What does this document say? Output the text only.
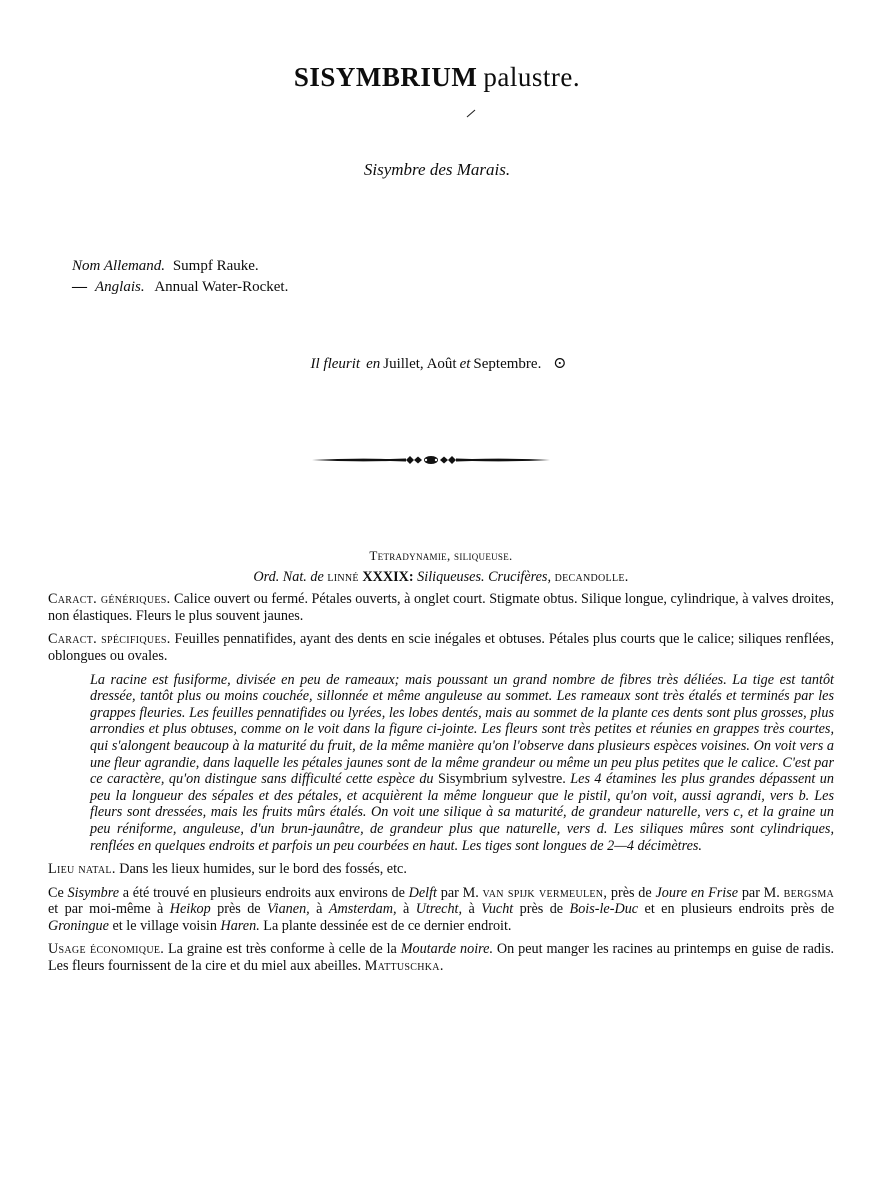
SISYMBRIUM palustre.
Sisymbre des Marais.
Nom Allemand. Sumpf Rauke.
— Anglais. Annual Water-Rocket.
Il fleurit en Juillet, Août et Septembre. ⊙
Tetradynamie, siliqueuse.
Ord. Nat. de linné XXXIX: Siliqueuses. Crucifères, decandolle.

Caract. génériques. Calice ouvert ou fermé. Pétales ouverts, à onglet court. Stigmate obtus. Silique longue, cylindrique, à valves droites, non élastiques. Fleurs le plus souvent jaunes.

Caract. spécifiques. Feuilles pennatifides, ayant des dents en scie inégales et obtuses. Pétales plus courts que le calice; siliques renflées, oblongues ou ovales.

La racine est fusiforme, divisée en peu de rameaux; mais poussant un grand nombre de fibres très déliées. La tige est tantôt dressée, tantôt plus ou moins couchée, sillonnée et même anguleuse au sommet. Les rameaux sont très étalés et terminés par les grappes fleuries. Les feuilles pennatifides ou lyrées, les lobes dentés, mais au sommet de la plante ces dents sont plus grosses, plus arrondies et plus obtuses, comme on le voit dans la figure ci-jointe. Les fleurs sont très petites et réunies en grappes très courtes, qui s'alongent beaucoup à la maturité du fruit, de la même manière qu'on l'observe dans plusieurs espèces voisines. On voit vers a une fleur agrandie, dans laquelle les pétales jaunes sont de la même grandeur ou même un peu plus petites que le calice. C'est par ce caractère, qu'on distingue sans difficulté cette espèce du Sisymbrium sylvestre. Les 4 étamines les plus grandes dépassent un peu la longueur des sépales et des pétales, et acquièrent la même longueur que le pistil, qu'on voit, aussi agrandi, vers b. Les fleurs sont dressées, mais les fruits mûrs étalés. On voit une silique à sa maturité, de grandeur naturelle, vers c, et la graine un peu réniforme, anguleuse, d'un brun-jaunâtre, de grandeur plus que naturelle, vers d. Les siliques mûres sont cylindriques, renflées en quelques endroits et parfois un peu courbées en haut. Les tiges sont longues de 2—4 décimètres.

Lieu natal. Dans les lieux humides, sur le bord des fossés, etc.

Ce Sisymbre a été trouvé en plusieurs endroits aux environs de Delft par M. van spijk vermeulen, près de Joure en Frise par M. bergsma et par moi-même à Heikop près de Vianen, à Amsterdam, à Utrecht, à Vucht près de Bois-le-Duc et en plusieurs endroits près de Groningue et le village voisin Haren. La plante dessinée est de ce dernier endroit.

Usage économique. La graine est très conforme à celle de la Moutarde noire. On peut manger les racines au printemps en guise de radis. Les fleurs fournissent de la cire et du miel aux abeilles. Mattuschka.
